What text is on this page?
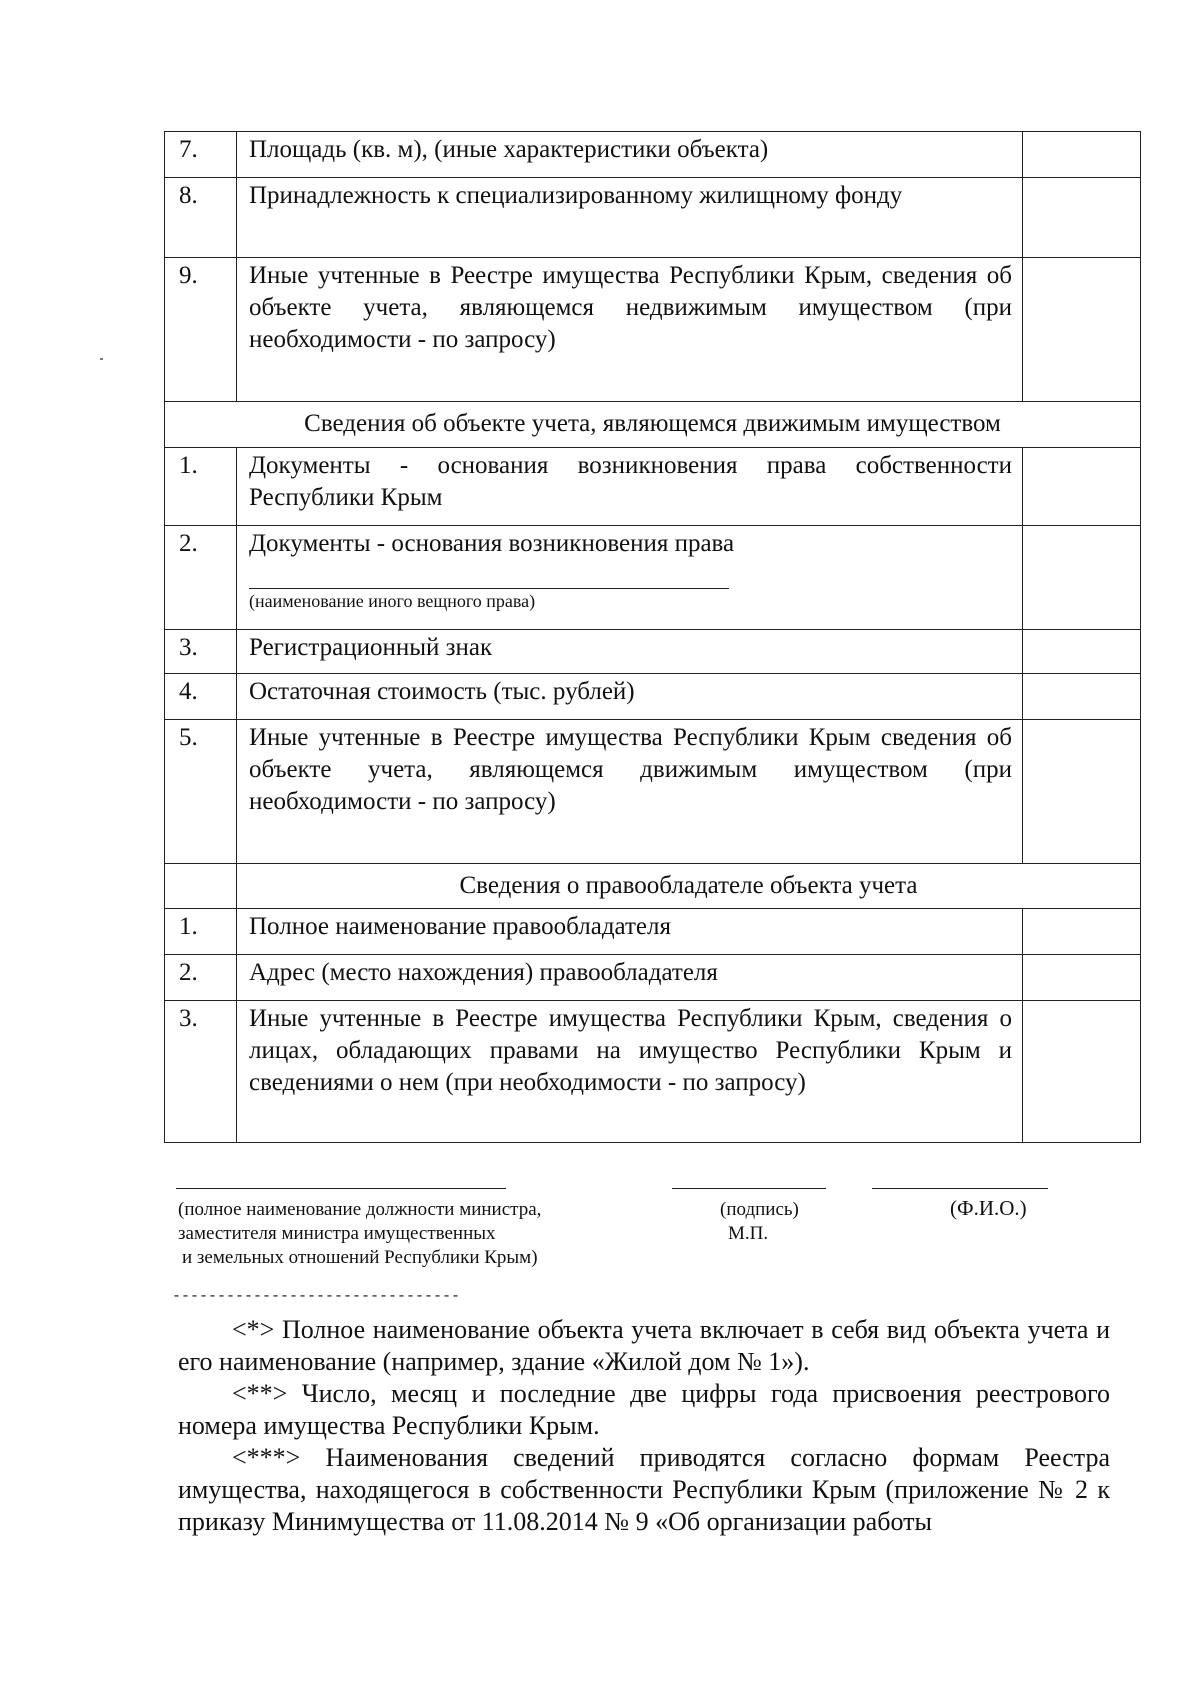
7.	Площадь (кв. м), (иные характеристики объекта)	
8.	Принадлежность к специализированному жилищному фонду	
9.	Иные учтенные в Реестре имущества Республики Крым, сведения об объекте учета, являющемся недвижимым имуществом (при необходимости - по запросу)	
Сведения об объекте учета, являющемся движимым имуществом		
1.	Документы - основания возникновения права собственности Республики Крым	
2.	Документы - основания возникновения права
(наименование иного вещного права)	

3.	Регистрационный знак	
4.	Остаточная стоимость (тыс. рублей)	
5.	Иные учтенные в Реестре имущества Республики Крым сведения об объекте учета, являющемся движимым имуществом (при необходимости - по запросу)	
	Сведения о правообладателе объекта учета	
1.	Полное наименование правообладателя	
2.	Адрес (место нахождения) правообладателя	
3.	Иные учтенные в Реестре имущества Республики Крым, сведения о лицах, обладающих правами на имущество Республики Крым и сведениями о нем (при необходимости - по запросу)	
(полное наименование должности министра,
заместителя министра имущественных
и земельных отношений Республики Крым)
(подпись)
М.П.
(Ф.И.О.)
--------------------------------

<*> Полное наименование объекта учета включает в себя вид объекта учета и его наименование (например, здание «Жилой дом № 1»).

<**> Число, месяц и последние две цифры года присвоения реестрового номера имущества Республики Крым.

<***> Наименования сведений приводятся согласно формам Реестра имущества, находящегося в собственности Республики Крым (приложение № 2 к приказу Минимущества от 11.08.2014 № 9 «Об организации работы
